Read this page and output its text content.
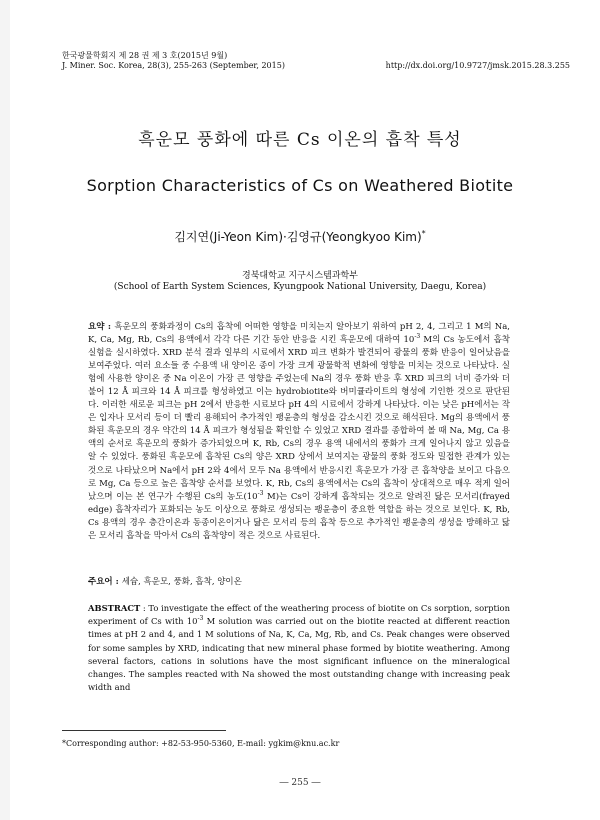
한국광물학회지 제 28 권 제 3 호(2015년 9월)
J. Miner. Soc. Korea, 28(3), 255-263 (September, 2015)	http://dx.doi.org/10.9727/jmsk.2015.28.3.255
흑운모 풍화에 따른 Cs 이온의 흡착 특성
Sorption Characteristics of Cs on Weathered Biotite
김지연(Ji-Yeon Kim)·김영규(Yeongkyoo Kim)*
경북대학교 지구시스템과학부
(School of Earth System Sciences, Kyungpook National University, Daegu, Korea)
요약 : 흑운모의 풍화과정이 Cs의 흡착에 어떠한 영향을 미치는지 알아보기 위하여 pH 2, 4, 그리고 1 M의 Na, K, Ca, Mg, Rb, Cs의 용액에서 각각 다른 기간 동안 반응을 시킨 흑운모에 대하여 $10^{-3}$ M의 Cs 농도에서 흡착 실험을 실시하였다. XRD 분석 결과 일부의 시료에서 XRD 피크 변화가 발견되어 광물의 풍화 반응이 일어났음을 보여주었다. 여러 요소들 중 수용액 내 양이온 종이 가장 크게 광물학적 변화에 영향을 미치는 것으로 나타났다. 실험에 사용한 양이온 중 Na 이온이 가장 큰 영향을 주었는데 Na의 경우 풍화 반응 후 XRD 피크의 너비 증가와 더불어 12 Å 피크와 14 Å 피크를 형성하였고 이는 hydrobiotite와 버미큘라이트의 형성에 기인한 것으로 판단된다. 이러한 새로운 피크는 pH 2에서 반응한 시료보다 pH 4의 시료에서 강하게 나타났다. 이는 낮은 pH에서는 작은 입자나 모서리 등이 더 빨리 용해되어 추가적인 팽윤층의 형성을 감소시킨 것으로 해석된다. Mg의 용액에서 풍화된 흑운모의 경우 약간의 14 Å 피크가 형성됨을 확인할 수 있었고 XRD 결과를 종합하여 볼 때 Na, Mg, Ca 용액의 순서로 흑운모의 풍화가 증가되었으며 K, Rb, Cs의 경우 용액 내에서의 풍화가 크게 일어나지 않고 있음을 알 수 있었다. 풍화된 흑운모에 흡착된 Cs의 양은 XRD 상에서 보여지는 광물의 풍화 정도와 밀접한 관계가 있는 것으로 나타났으며 Na에서 pH 2와 4에서 모두 Na 용액에서 반응시킨 흑운모가 가장 큰 흡착양을 보이고 다음으로 Mg, Ca 등으로 높은 흡착양 순서를 보였다. K, Rb, Cs의 용액에서는 Cs의 흡착이 상대적으로 매우 적게 일어났으며 이는 본 연구가 수행된 Cs의 농도($10^{-3}$ M)는 Cs이 강하게 흡착되는 것으로 알려진 닳은 모서리(frayed edge) 흡착자리가 포화되는 농도 이상으로 풍화로 생성되는 팽윤층이 중요한 역할을 하는 것으로 보인다. K, Rb, Cs 용액의 경우 층간이온과 동종이온이거나 닮은 모서리 등의 흡착 등으로 추가적인 팽윤층의 생성을 방해하고 닳은 모서리 흡착을 막아서 Cs의 흡착양이 적은 것으로 사료된다.
주요어 : 세슘, 흑운모, 풍화, 흡착, 양이온
ABSTRACT : To investigate the effect of the weathering process of biotite on Cs sorption, sorption experiment of Cs with $10^{-3}$ M solution was carried out on the biotite reacted at different reaction times at pH 2 and 4, and 1 M solutions of Na, K, Ca, Mg, Rb, and Cs. Peak changes were observed for some samples by XRD, indicating that new mineral phase formed by biotite weathering. Among several factors, cations in solutions have the most significant influence on the mineralogical changes. The samples reacted with Na showed the most outstanding change with increasing peak width and
*Corresponding author: +82-53-950-5360, E-mail: ygkim@knu.ac.kr
― 255 ―
